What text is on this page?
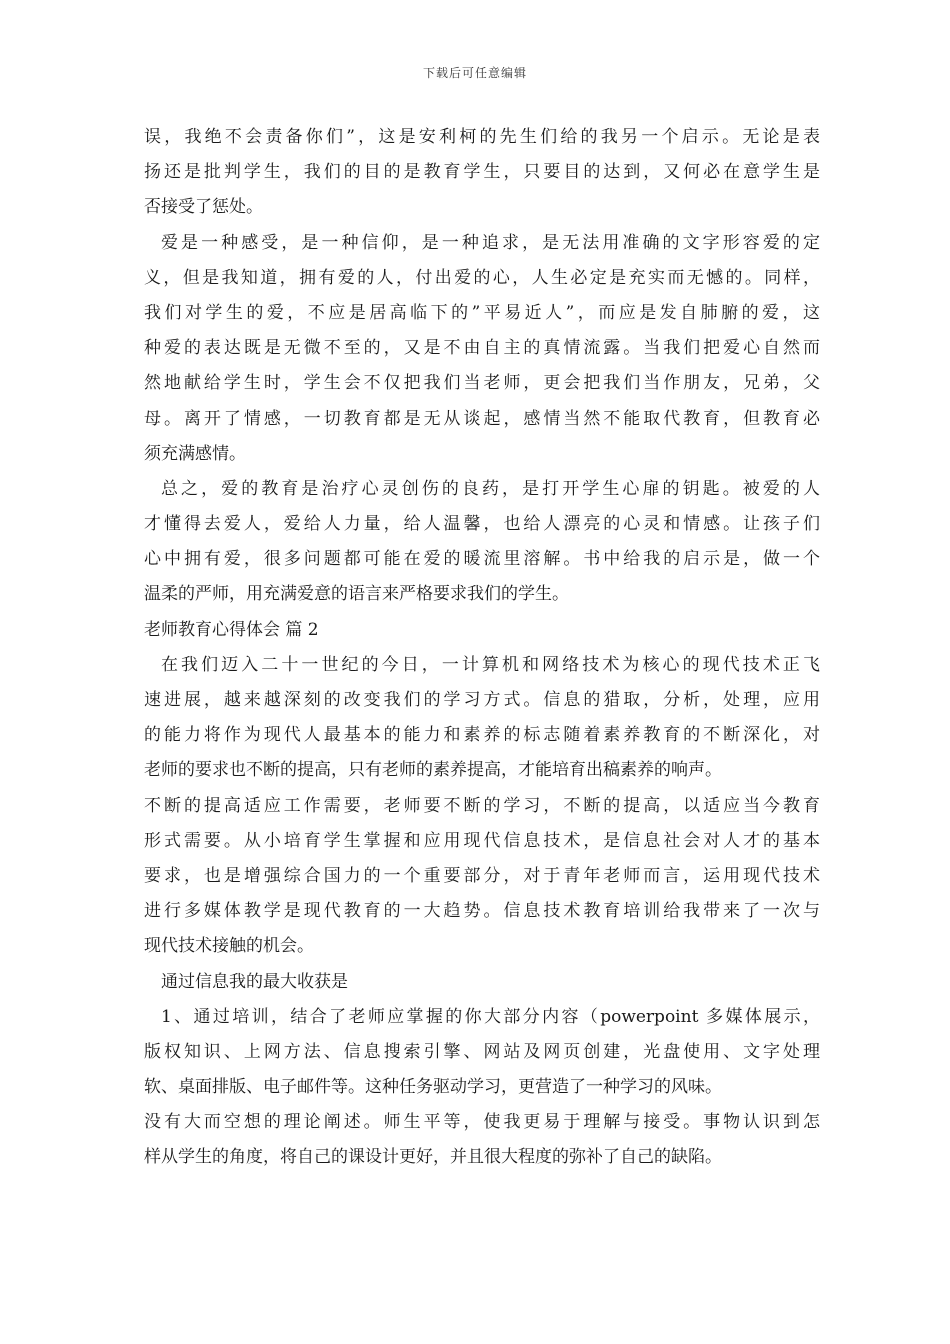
下载后可任意编辑
误，我绝不会责备你们”，这是安利柯的先生们给的我另一个启示。无论是表
扬还是批判学生，我们的目的是教育学生，只要目的达到，又何必在意学生是
否接受了惩处。
爱是一种感受，是一种信仰，是一种追求，是无法用准确的文字形容爱的定
义，但是我知道，拥有爱的人，付出爱的心，人生必定是充实而无憾的。同样，
我们对学生的爱，不应是居高临下的”平易近人”，而应是发自肺腑的爱，这
种爱的表达既是无微不至的，又是不由自主的真情流露。当我们把爱心自然而
然地献给学生时，学生会不仅把我们当老师，更会把我们当作朋友，兄弟，父
母。离开了情感，一切教育都是无从谈起，感情当然不能取代教育，但教育必
须充满感情。
总之，爱的教育是治疗心灵创伤的良药，是打开学生心扉的钥匙。被爱的人
才懂得去爱人，爱给人力量，给人温馨，也给人漂亮的心灵和情感。让孩子们
心中拥有爱，很多问题都可能在爱的暖流里溶解。书中给我的启示是，做一个
温柔的严师，用充满爱意的语言来严格要求我们的学生。
老师教育心得体会 篇 2
在我们迈入二十一世纪的今日，一计算机和网络技术为核心的现代技术正飞
速进展，越来越深刻的改变我们的学习方式。信息的猎取，分析，处理，应用
的能力将作为现代人最基本的能力和素养的标志随着素养教育的不断深化，对
老师的要求也不断的提高，只有老师的素养提高，才能培育出稿素养的响声。
不断的提高适应工作需要，老师要不断的学习，不断的提高，以适应当今教育
形式需要。从小培育学生掌握和应用现代信息技术，是信息社会对人才的基本
要求，也是增强综合国力的一个重要部分，对于青年老师而言，运用现代技术
进行多媒体教学是现代教育的一大趋势。信息技术教育培训给我带来了一次与
现代技术接触的机会。
通过信息我的最大收获是
1、通过培训，结合了老师应掌握的你大部分内容（powerpoint 多媒体展示，
版权知识、上网方法、信息搜索引擎、网站及网页创建，光盘使用、文字处理
软、桌面排版、电子邮件等。这种任务驱动学习，更营造了一种学习的风味。
没有大而空想的理论阐述。师生平等，使我更易于理解与接受。事物认识到怎
样从学生的角度，将自己的课设计更好，并且很大程度的弥补了自己的缺陷。
